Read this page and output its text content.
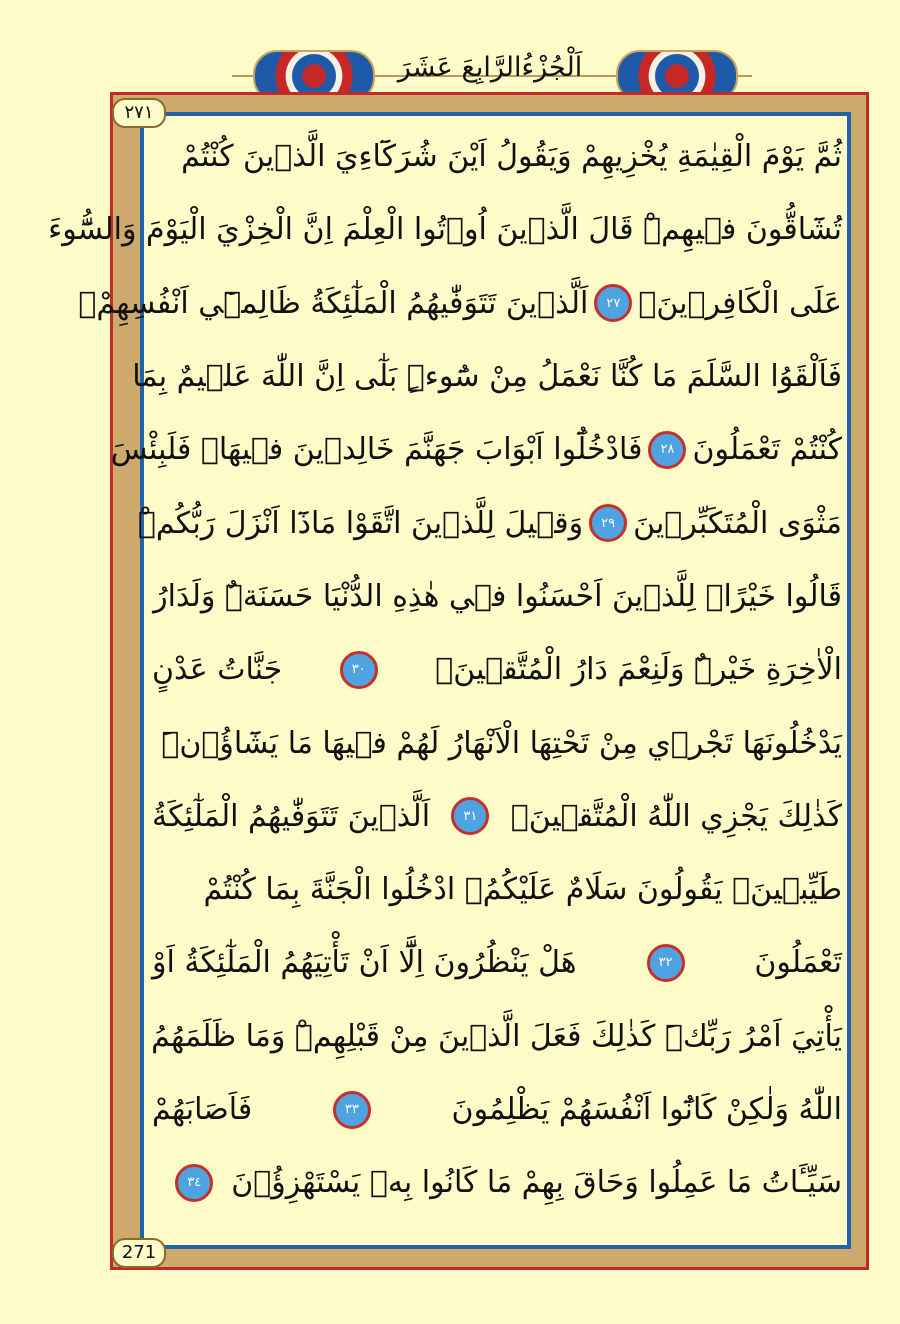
اَلْجُزْءُالرَّابِعَ عَشَرَ
٢٧١
271
ثُمَّ يَوْمَ الْقِيٰمَةِ يُخْزِيهِمْ وَيَقُولُ اَيْنَ شُرَكَٓاءِيَ الَّذٖينَ كُنْتُمْ
تُشَٓاقُّونَ فٖيهِمْۜ قَالَ الَّذٖينَ اُو۫تُوا الْعِلْمَ اِنَّ الْخِزْيَ الْيَوْمَ وَالسُّٓوءَ
عَلَى الْكَافِرٖينَۙ
٢٧
اَلَّذٖينَ تَتَوَفّٰيهُمُ الْمَلٰٓئِكَةُ ظَالِمٖٓي اَنْفُسِهِمْۖ
فَاَلْقَوُا السَّلَمَ مَا كُنَّا نَعْمَلُ مِنْ سُٓوءٍۜ بَلٰٓى اِنَّ اللّٰهَ عَلٖيمٌ بِمَا
كُنْتُمْ تَعْمَلُونَ
٢٨
فَادْخُلُٓوا اَبْوَابَ جَهَنَّمَ خَالِدٖينَ فٖيهَاۜ فَلَبِئْسَ
مَثْوَى الْمُتَكَبِّرٖينَ
٢٩
وَقٖيلَ لِلَّذٖينَ اتَّقَوْا مَاذَٓا اَنْزَلَ رَبُّكُمْۜ
قَالُوا خَيْرًاۜ لِلَّذٖينَ اَحْسَنُوا فٖي هٰذِهِ الدُّنْيَا حَسَنَةٌۜ وَلَدَارُ
الْاٰخِرَةِ خَيْرٌۜ وَلَنِعْمَ دَارُ الْمُتَّقٖينَۙ
٣٠
جَنَّاتُ عَدْنٍ
يَدْخُلُونَهَا تَجْرٖي مِنْ تَحْتِهَا الْاَنْهَارُ لَهُمْ فٖيهَا مَا يَشَٓاؤُ۫نَۜ
كَذٰلِكَ يَجْزِي اللّٰهُ الْمُتَّقٖينَۙ
٣١
اَلَّذٖينَ تَتَوَفّٰيهُمُ الْمَلٰٓئِكَةُ
طَيِّبٖينَۙ يَقُولُونَ سَلَامٌ عَلَيْكُمُۙ ادْخُلُوا الْجَنَّةَ بِمَا كُنْتُمْ
تَعْمَلُونَ
٣٢
هَلْ يَنْظُرُونَ اِلَّٓا اَنْ تَأْتِيَهُمُ الْمَلٰٓئِكَةُ اَوْ
يَأْتِيَ اَمْرُ رَبِّكَۜ كَذٰلِكَ فَعَلَ الَّذٖينَ مِنْ قَبْلِهِمْۜ وَمَا ظَلَمَهُمُ
اللّٰهُ وَلٰكِنْ كَانُٓوا اَنْفُسَهُمْ يَظْلِمُونَ
٣٣
فَاَصَابَهُمْ
سَيِّـَٔاتُ مَا عَمِلُوا وَحَاقَ بِهِمْ مَا كَانُوا بِهٖ يَسْتَهْزِؤُ۫نَ
٣٤
